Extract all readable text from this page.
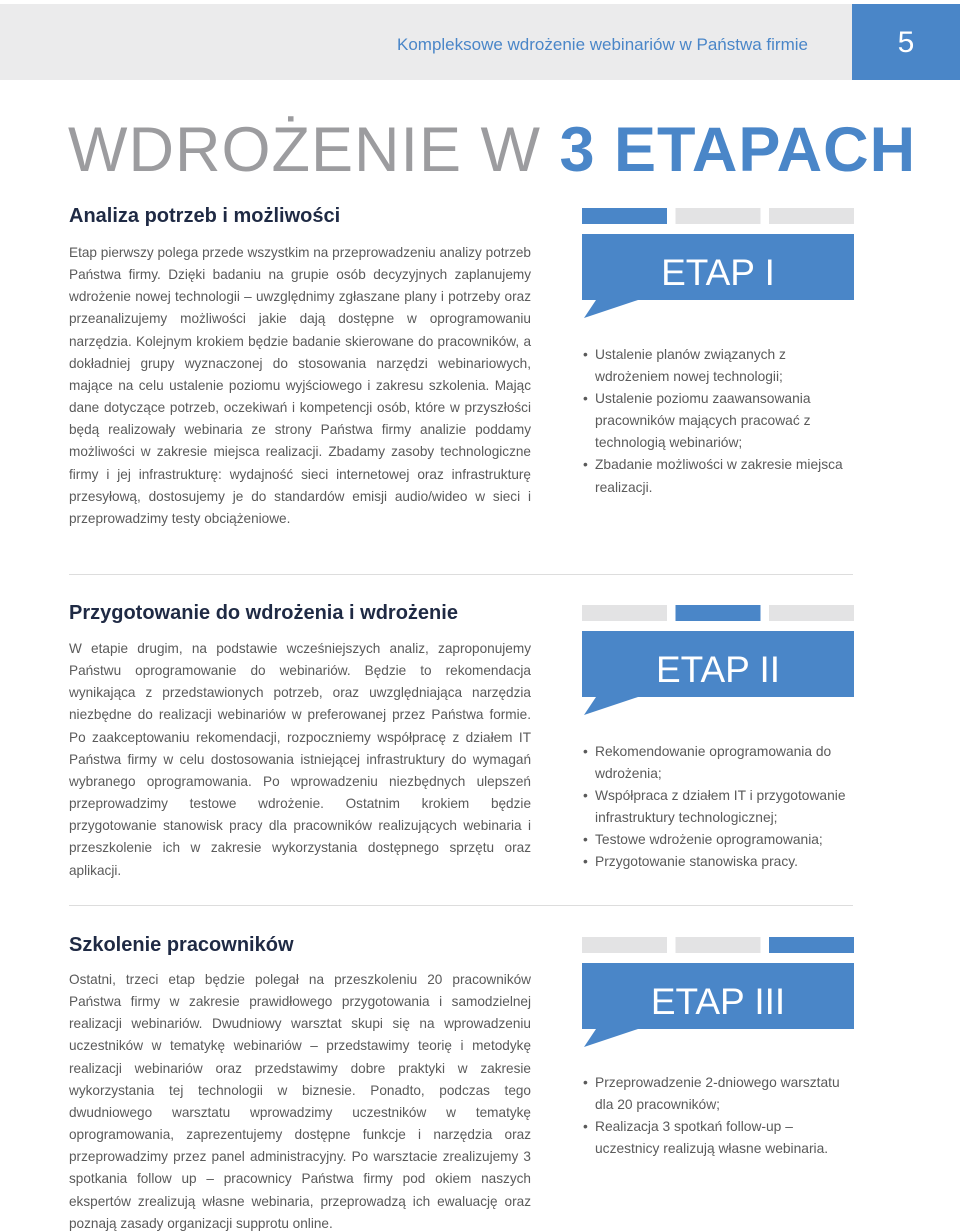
Kompleksowe wdrożenie webinariów w Państwa firmie	5
WDROŻENIE W 3 ETAPACH
Analiza potrzeb i możliwości

Etap pierwszy polega przede wszystkim na przeprowadzeniu analizy potrzeb Państwa firmy. Dzięki badaniu na grupie osób decyzyjnych zaplanujemy wdrożenie nowej technologii – uwzględnimy zgłaszane plany i potrzeby oraz przeanalizujemy możliwości jakie dają dostępne w oprogramowaniu narzędzia. Kolejnym krokiem będzie badanie skierowane do pracowników, a dokładniej grupy wyznaczonej do stosowania narzędzi webinariowych, mające na celu ustalenie poziomu wyjściowego i zakresu szkolenia. Mając dane dotyczące potrzeb, oczekiwań i kompetencji osób, które w przyszłości będą realizowały webinaria ze strony Państwa firmy analizie poddamy możliwości w zakresie miejsca realizacji. Zbadamy zasoby technologiczne firmy i jej infrastrukturę: wydajność sieci internetowej oraz infrastrukturę przesyłową, dostosujemy je do standardów emisji audio/wideo w sieci i przeprowadzimy testy obciążeniowe.

ETAP I
• Ustalenie planów związanych z wdrożeniem nowej technologii;
• Ustalenie poziomu zaawansowania pracowników mających pracować z technologią webinariów;
• Zbadanie możliwości w zakresie miejsca realizacji.
Przygotowanie do wdrożenia i wdrożenie

W etapie drugim, na podstawie wcześniejszych analiz, zaproponujemy Państwu oprogramowanie do webinariów. Będzie to rekomendacja wynikająca z przedstawionych potrzeb, oraz uwzględniająca narzędzia niezbędne do realizacji webinariów w preferowanej przez Państwa formie. Po zaakceptowaniu rekomendacji, rozpoczniemy współpracę z działem IT Państwa firmy w celu dostosowania istniejącej infrastruktury do wymagań wybranego oprogramowania. Po wprowadzeniu niezbędnych ulepszeń przeprowadzimy testowe wdrożenie. Ostatnim krokiem będzie przygotowanie stanowisk pracy dla pracowników realizujących webinaria i przeszkolenie ich w zakresie wykorzystania dostępnego sprzętu oraz aplikacji.

ETAP II
• Rekomendowanie oprogramowania do wdrożenia;
• Współpraca z działem IT i przygotowanie infrastruktury technologicznej;
• Testowe wdrożenie oprogramowania;
• Przygotowanie stanowiska pracy.
Szkolenie pracowników

Ostatni, trzeci etap będzie polegał na przeszkoleniu 20 pracowników Państwa firmy w zakresie prawidłowego przygotowania i samodzielnej realizacji webinariów. Dwudniowy warsztat skupi się na wprowadzeniu uczestników w tematykę webinariów – przedstawimy teorię i metodykę realizacji webinariów oraz przedstawimy dobre praktyki w zakresie wykorzystania tej technologii w biznesie. Ponadto, podczas tego dwudniowego warsztatu wprowadzimy uczestników w tematykę oprogramowania, zaprezentujemy dostępne funkcje i narzędzia oraz przeprowadzimy przez panel administracyjny. Po warsztacie zrealizujemy 3 spotkania follow up – pracownicy Państwa firmy pod okiem naszych ekspertów zrealizują własne webinaria, przeprowadzą ich ewaluację oraz poznają zasady organizacji supprotu online.

ETAP III
• Przeprowadzenie 2-dniowego warsztatu dla 20 pracowników;
• Realizacja 3 spotkań follow-up – uczestnicy realizują własne webinaria.
